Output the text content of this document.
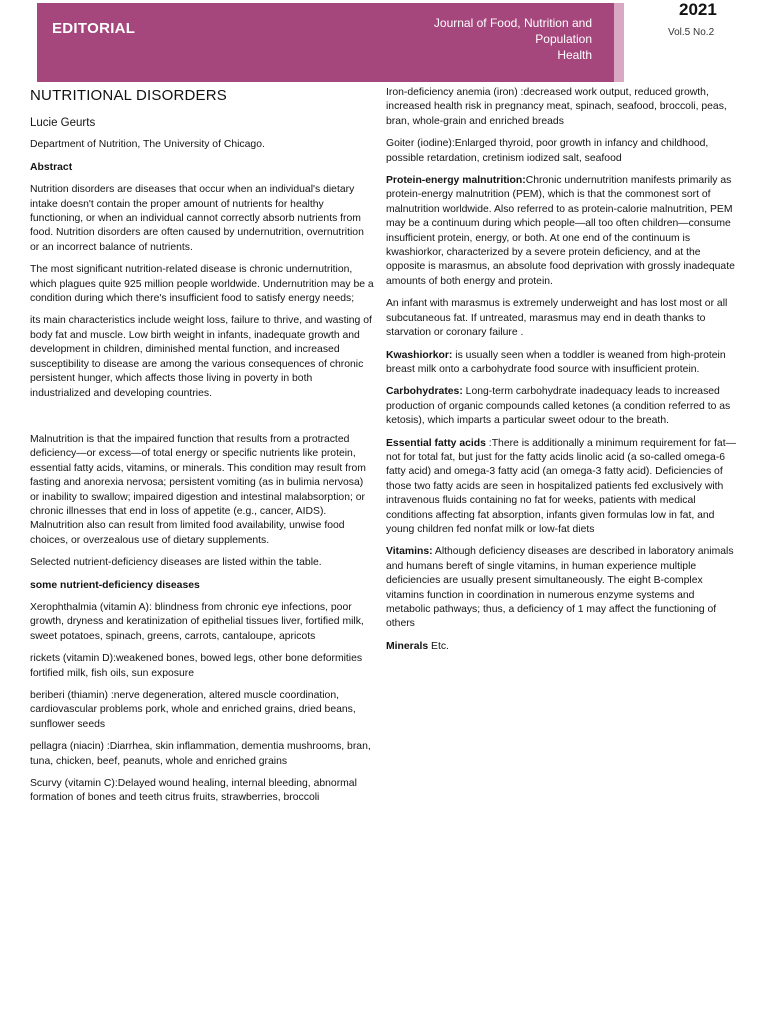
EDITORIAL	Journal of Food, Nutrition and
Population
Health
2021
Vol.5 No.2
NUTRITIONAL DISORDERS

Lucie Geurts

Department of Nutrition, The University of Chicago.

Abstract

Nutrition disorders are diseases that occur when an individual's dietary intake doesn't contain the proper amount of nutrients for healthy functioning, or when an individual cannot correctly absorb nutrients from food. Nutrition disorders are often caused by undernutrition, overnutrition or an incorrect balance of nutrients.

The most significant nutrition-related disease is chronic undernutrition, which plagues quite 925 million people worldwide. Undernutrition may be a condition during which there's insufficient food to satisfy energy needs;

its main characteristics include weight loss, failure to thrive, and wasting of body fat and muscle. Low birth weight in infants, inadequate growth and development in children, diminished mental function, and increased susceptibility to disease are among the various consequences of chronic persistent hunger, which affects those living in poverty in both industrialized and developing countries.

Malnutrition is that the impaired function that results from a protracted deficiency—or excess—of total energy or specific nutrients like protein, essential fatty acids, vitamins, or minerals. This condition may result from fasting and anorexia nervosa; persistent vomiting (as in bulimia nervosa) or inability to swallow; impaired digestion and intestinal malabsorption; or chronic illnesses that end in loss of appetite (e.g., cancer, AIDS). Malnutrition also can result from limited food availability, unwise food choices, or overzealous use of dietary supplements.

Selected nutrient-deficiency diseases are listed within the table.

some nutrient-deficiency diseases

Xerophthalmia (vitamin A): blindness from chronic eye infections, poor growth, dryness and keratinization of epithelial tissues liver, fortified milk, sweet potatoes, spinach, greens, carrots, cantaloupe, apricots

rickets (vitamin D):weakened bones, bowed legs, other bone deformities fortified milk, fish oils, sun exposure

beriberi (thiamin) :nerve degeneration, altered muscle coordination, cardiovascular problems pork, whole and enriched grains, dried beans, sunflower seeds

pellagra (niacin) :Diarrhea, skin inflammation, dementia mushrooms, bran, tuna, chicken, beef, peanuts, whole and enriched grains

Scurvy (vitamin C):Delayed wound healing, internal bleeding, abnormal formation of bones and teeth citrus fruits, strawberries, broccoli

Iron-deficiency anemia (iron) :decreased work output, reduced growth, increased health risk in pregnancy meat, spinach, seafood, broccoli, peas, bran, whole-grain and enriched breads

Goiter (iodine):Enlarged thyroid, poor growth in infancy and childhood, possible retardation, cretinism iodized salt, seafood

Protein-energy malnutrition:Chronic undernutrition manifests primarily as protein-energy malnutrition (PEM), which is that the commonest sort of malnutrition worldwide. Also referred to as protein-calorie malnutrition, PEM may be a continuum during which people—all too often children—consume insufficient protein, energy, or both. At one end of the continuum is kwashiorkor, characterized by a severe protein deficiency, and at the opposite is marasmus, an absolute food deprivation with grossly inadequate amounts of both energy and protein.

An infant with marasmus is extremely underweight and has lost most or all subcutaneous fat. If untreated, marasmus may end in death thanks to starvation or coronary failure .

Kwashiorkor: is usually seen when a toddler is weaned from high-protein breast milk onto a carbohydrate food source with insufficient protein.

Carbohydrates: Long-term carbohydrate inadequacy leads to increased production of organic compounds called ketones (a condition referred to as ketosis), which imparts a particular sweet odour to the breath.

Essential fatty acids :There is additionally a minimum requirement for fat—not for total fat, but just for the fatty acids linolic acid (a so-called omega-6 fatty acid) and omega-3 fatty acid (an omega-3 fatty acid). Deficiencies of those two fatty acids are seen in hospitalized patients fed exclusively with intravenous fluids containing no fat for weeks, patients with medical conditions affecting fat absorption, infants given formulas low in fat, and young children fed nonfat milk or low-fat diets

Vitamins: Although deficiency diseases are described in laboratory animals and humans bereft of single vitamins, in human experience multiple deficiencies are usually present simultaneously. The eight B-complex vitamins function in coordination in numerous enzyme systems and metabolic pathways; thus, a deficiency of 1 may affect the functioning of others

Minerals Etc.
